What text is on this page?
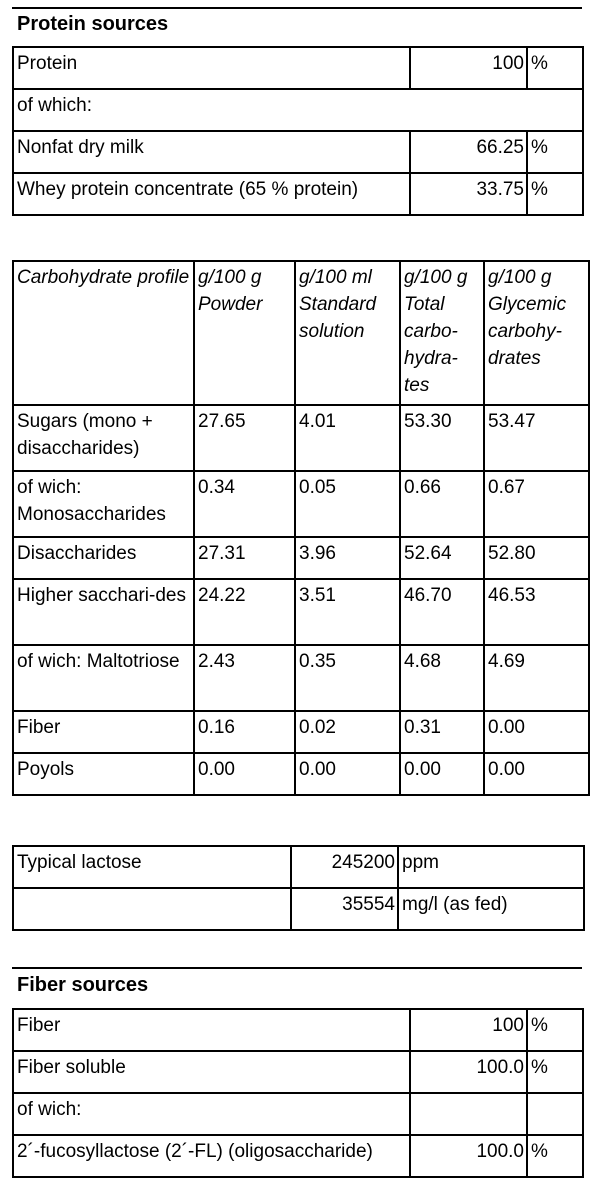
Protein sources
Protein	100	%
of which:		
Nonfat dry milk	66.25	%
Whey protein concentrate (65 % protein)	33.75	%
Carbohydrate profile	g/100 g Powder	g/100 ml Standard solution	g/100 g Total carbo-hydra-tes	g/100 g Glycemic carbohy-drates
Sugars (mono + disaccharides)	27.65	4.01	53.30	53.47
of wich: Monosaccharides	0.34	0.05	0.66	0.67
Disaccharides	27.31	3.96	52.64	52.80
Higher sacchari-des	24.22	3.51	46.70	46.53
of wich: Maltotriose	2.43	0.35	4.68	4.69
Fiber	0.16	0.02	0.31	0.00
Poyols	0.00	0.00	0.00	0.00
Typical lactose	245200	ppm
	35554	mg/l (as fed)
Fiber sources
Fiber	100	%
Fiber soluble	100.0	%
of wich:		
2´-fucosyllactose (2´-FL) (oligosaccharide)	100.0	%
